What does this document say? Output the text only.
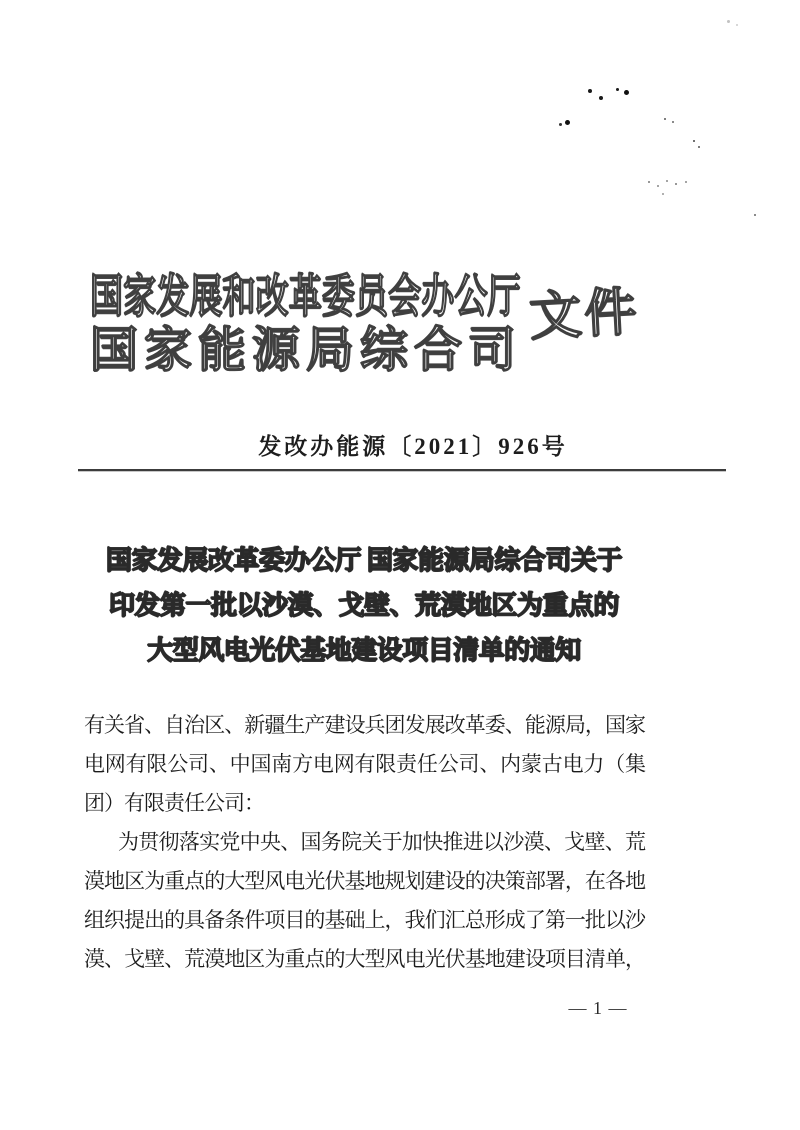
国家发展和改革委员会办公厅
国家能源局综合司
文件
发改办能源〔2021〕926号
国家发展改革委办公厅 国家能源局综合司关于
印发第一批以沙漠、戈壁、荒漠地区为重点的
大型风电光伏基地建设项目清单的通知
有关省、自治区、新疆生产建设兵团发展改革委、能源局，国家
电网有限公司、中国南方电网有限责任公司、内蒙古电力（集
团）有限责任公司：
为贯彻落实党中央、国务院关于加快推进以沙漠、戈壁、荒
漠地区为重点的大型风电光伏基地规划建设的决策部署，在各地
组织提出的具备条件项目的基础上，我们汇总形成了第一批以沙
漠、戈壁、荒漠地区为重点的大型风电光伏基地建设项目清单，
— 1 —
